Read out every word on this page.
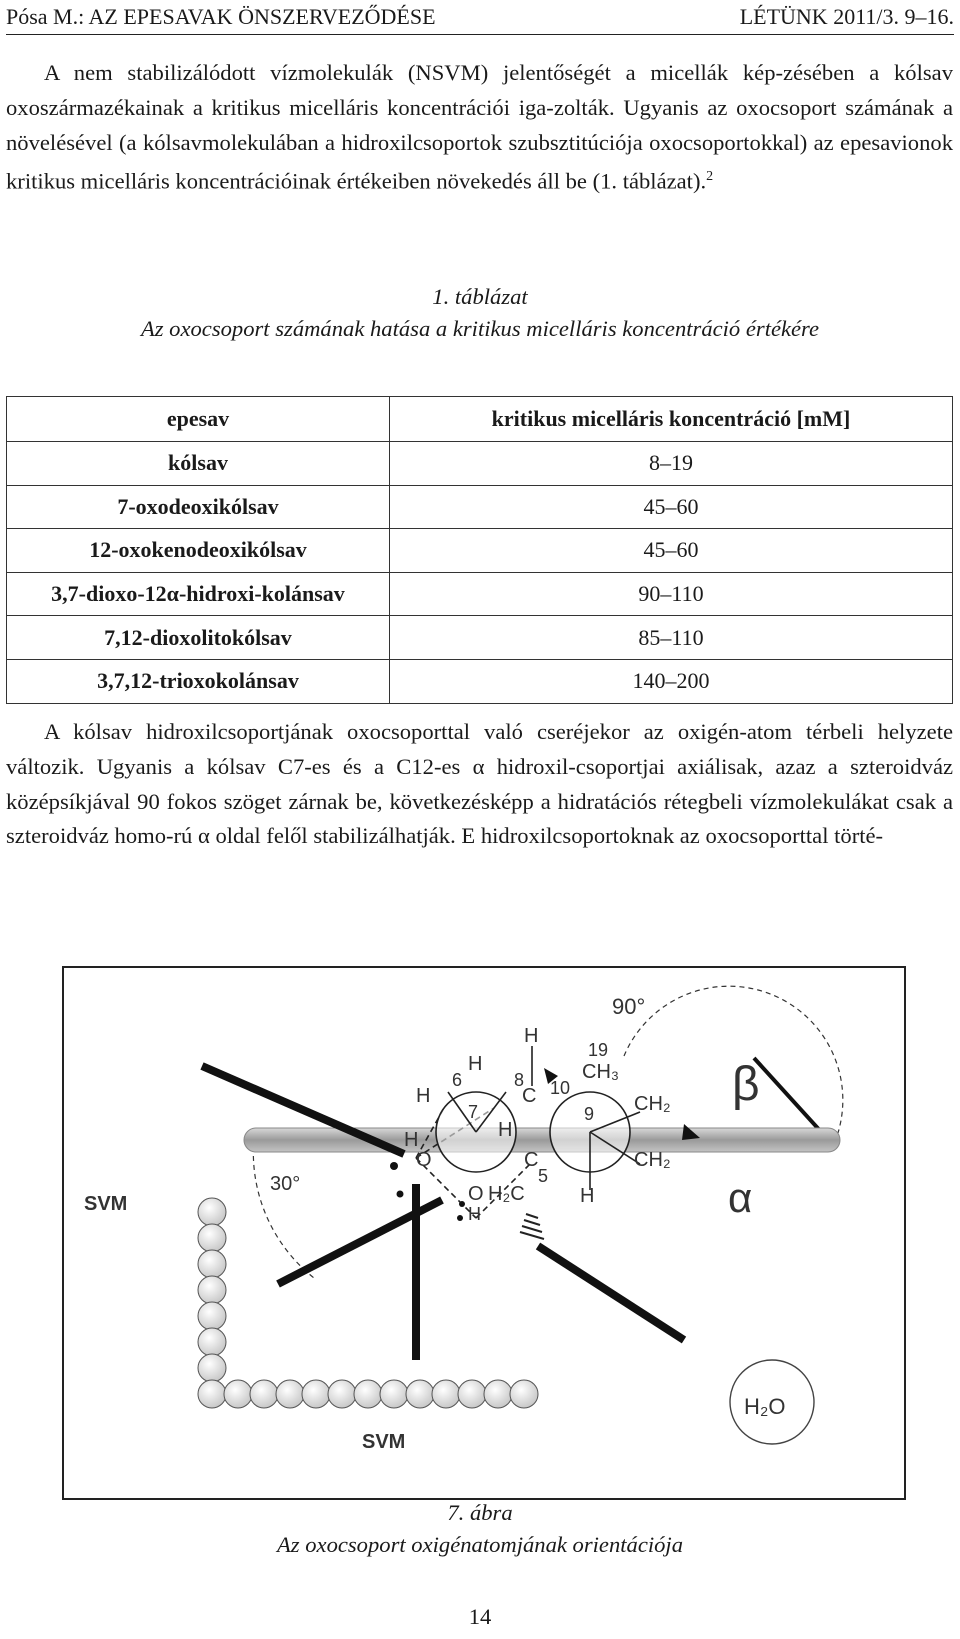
Pósa M.: AZ EPESAVAK ÖNSZERVEZŐDÉSE	LÉTÜNK 2011/3. 9–16.

A nem stabilizálódott vízmolekulák (NSVM) jelentőségét a micellák kép-zésében a kólsav oxoszármazékainak a kritikus micelláris koncentrációi iga-zolták. Ugyanis az oxocsoport számának a növelésével (a kólsavmolekulában a hidroxilcsoportok szubsztitúciója oxocsoportokkal) az epesavionok kritikus micelláris koncentrációinak értékeiben növekedés áll be (1. táblázat).$^2$

1. táblázat
Az oxocsoport számának hatása a kritikus micelláris koncentráció értékére
epesav	kritikus micelláris koncentráció [mM]
kólsav	8–19
7-oxodeoxikólsav	45–60
12-oxokenodeoxikólsav	45–60
3,7-dioxo-12α-hidroxi-kolánsav	90–110
7,12-dioxolitokólsav	85–110
3,7,12-trioxokolánsav	140–200

A kólsav hidroxilcsoportjának oxocsoporttal való cseréjekor az oxigén-atom térbeli helyzete változik. Ugyanis a kólsav C7-es és a C12-es α hidroxil-csoportjai axiálisak, azaz a szteroidváz középsíkjával 90 fokos szöget zárnak be, következésképp a hidratációs rétegbeli vízmolekulákat csak a szteroidváz homo-rú α oldal felől stabilizálhatják. E hidroxilcsoportoknak az oxocsoporttal törté-

90°
30°
β
α
SVM
SVM
H₂O
H
19
CH₃
H
6	8
C 10
H
7	9 CH₂
H
O
H
C
5
CH₂
O
H
H₂C	H
7. ábra
Az oxocsoport oxigénatomjának orientációja
14
